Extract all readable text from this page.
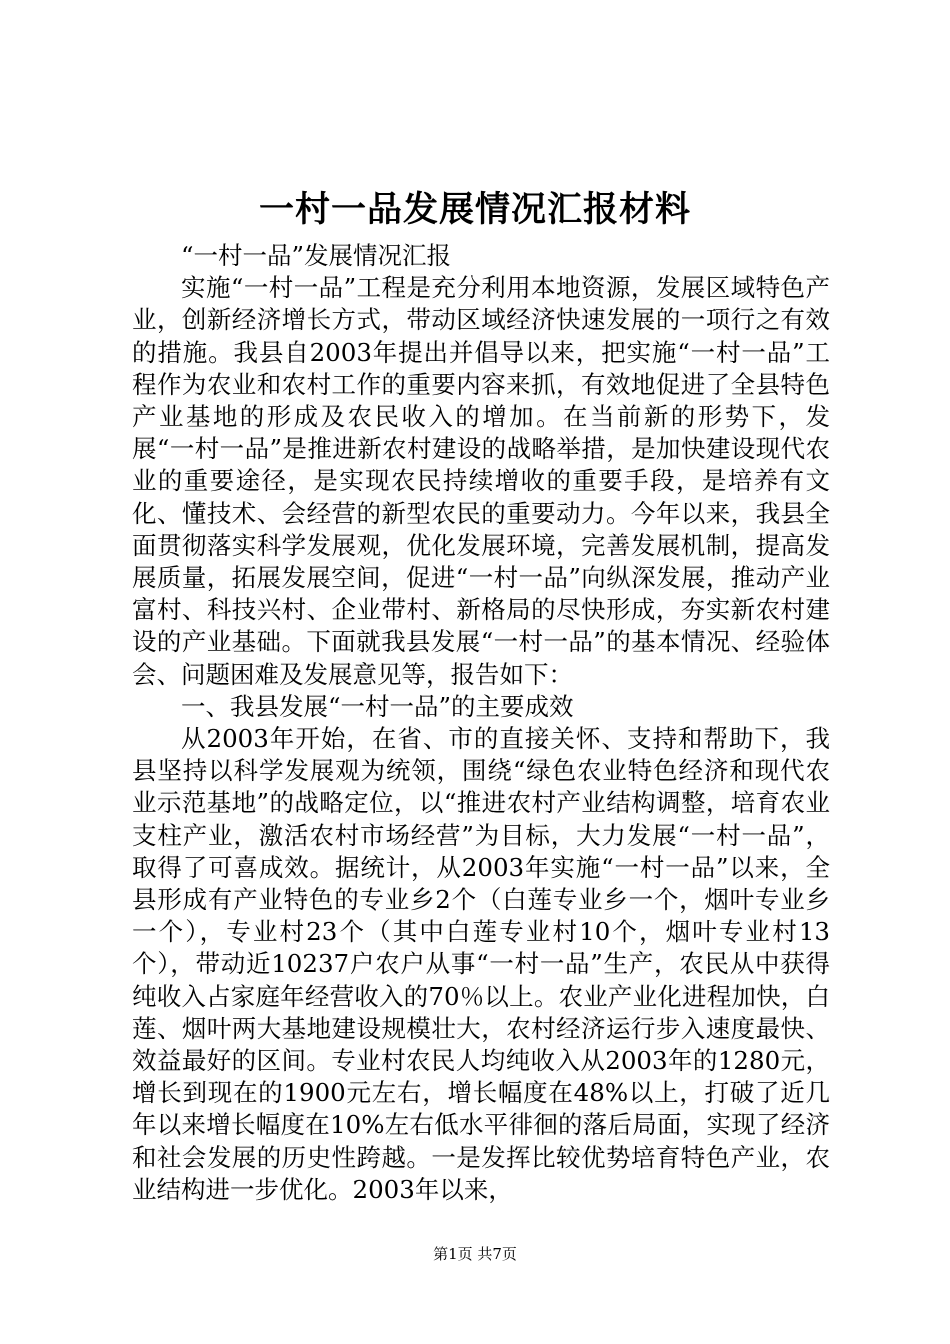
一村一品发展情况汇报材料

“一村一品”发展情况汇报

实施“一村一品”工程是充分利用本地资源，发展区域特色产业，创新经济增长方式，带动区域经济快速发展的一项行之有效的措施。我县自2003年提出并倡导以来，把实施“一村一品”工程作为农业和农村工作的重要内容来抓，有效地促进了全县特色产业基地的形成及农民收入的增加。在当前新的形势下，发展“一村一品”是推进新农村建设的战略举措，是加快建设现代农业的重要途径，是实现农民持续增收的重要手段，是培养有文化、懂技术、会经营的新型农民的重要动力。今年以来，我县全面贯彻落实科学发展观，优化发展环境，完善发展机制，提高发展质量，拓展发展空间，促进“一村一品”向纵深发展，推动产业富村、科技兴村、企业带村、新格局的尽快形成，夯实新农村建设的产业基础。下面就我县发展“一村一品”的基本情况、经验体会、问题困难及发展意见等，报告如下：

一、我县发展“一村一品”的主要成效

从2003年开始，在省、市的直接关怀、支持和帮助下，我县坚持以科学发展观为统领，围绕“绿色农业特色经济和现代农业示范基地”的战略定位，以“推进农村产业结构调整，培育农业支柱产业，激活农村市场经营”为目标，大力发展“一村一品”，取得了可喜成效。据统计，从2003年实施“一村一品”以来，全县形成有产业特色的专业乡2个（白莲专业乡一个，烟叶专业乡一个），专业村23个（其中白莲专业村10个，烟叶专业村13个），带动近10237户农户从事“一村一品”生产，农民从中获得纯收入占家庭年经营收入的70％以上。农业产业化进程加快，白莲、烟叶两大基地建设规模壮大，农村经济运行步入速度最快、效益最好的区间。专业村农民人均纯收入从2003年的1280元，增长到现在的1900元左右，增长幅度在48%以上，打破了近几年以来增长幅度在10%左右低水平徘徊的落后局面，实现了经济和社会发展的历史性跨越。一是发挥比较优势培育特色产业，农业结构进一步优化。2003年以来，

第1页 共7页
